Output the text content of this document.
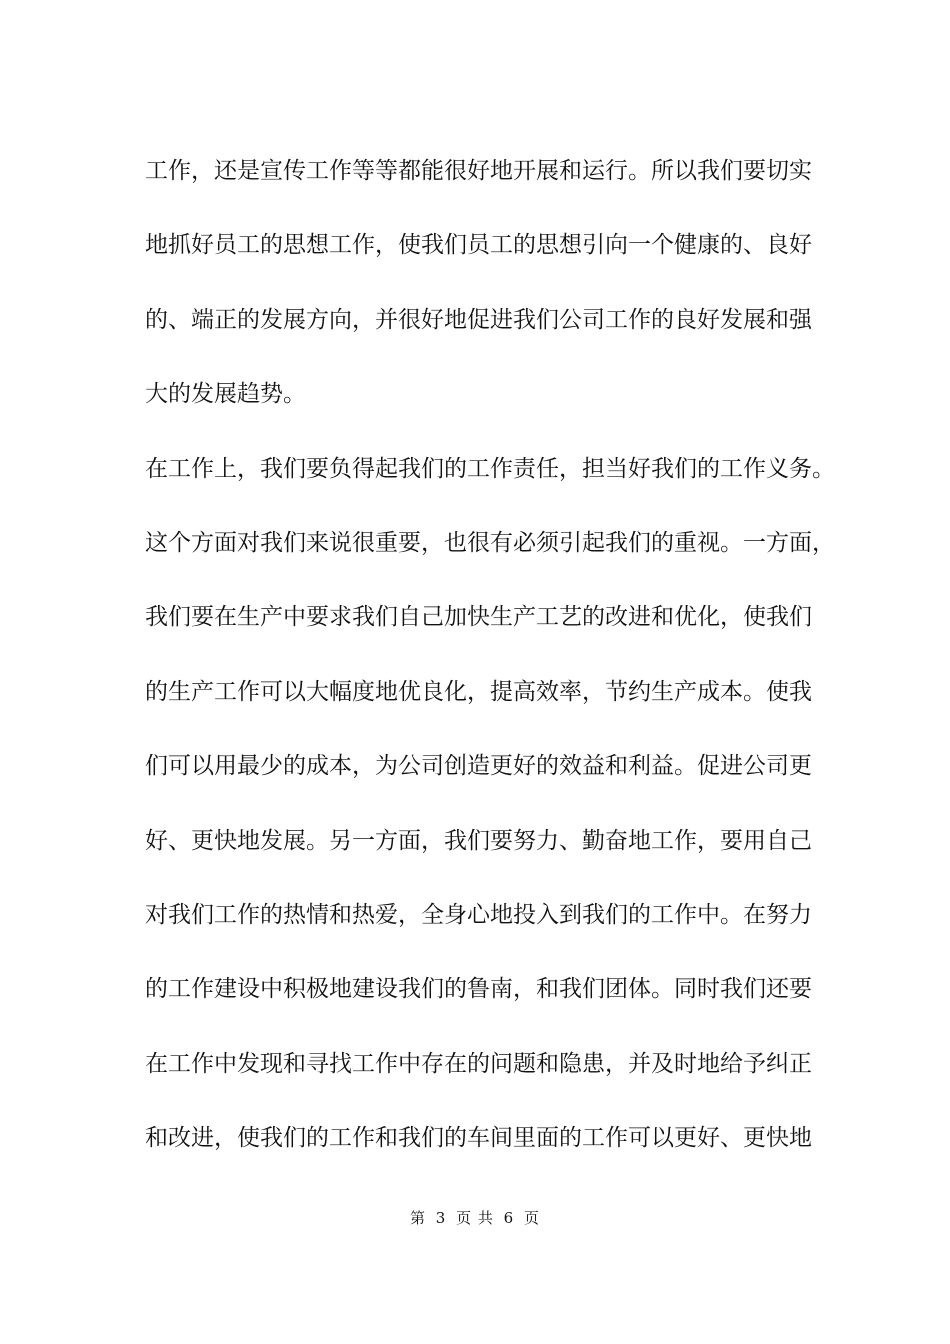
工作，还是宣传工作等等都能很好地开展和运行。所以我们要切实
地抓好员工的思想工作，使我们员工的思想引向一个健康的、良好
的、端正的发展方向，并很好地促进我们公司工作的良好发展和强
大的发展趋势。
在工作上，我们要负得起我们的工作责任，担当好我们的工作义务。
这个方面对我们来说很重要，也很有必须引起我们的重视。一方面，
我们要在生产中要求我们自己加快生产工艺的改进和优化，使我们
的生产工作可以大幅度地优良化，提高效率，节约生产成本。使我
们可以用最少的成本，为公司创造更好的效益和利益。促进公司更
好、更快地发展。另一方面，我们要努力、勤奋地工作，要用自己
对我们工作的热情和热爱，全身心地投入到我们的工作中。在努力
的工作建设中积极地建设我们的鲁南，和我们团体。同时我们还要
在工作中发现和寻找工作中存在的问题和隐患，并及时地给予纠正
和改进，使我们的工作和我们的车间里面的工作可以更好、更快地
第 3 页 共 6 页
